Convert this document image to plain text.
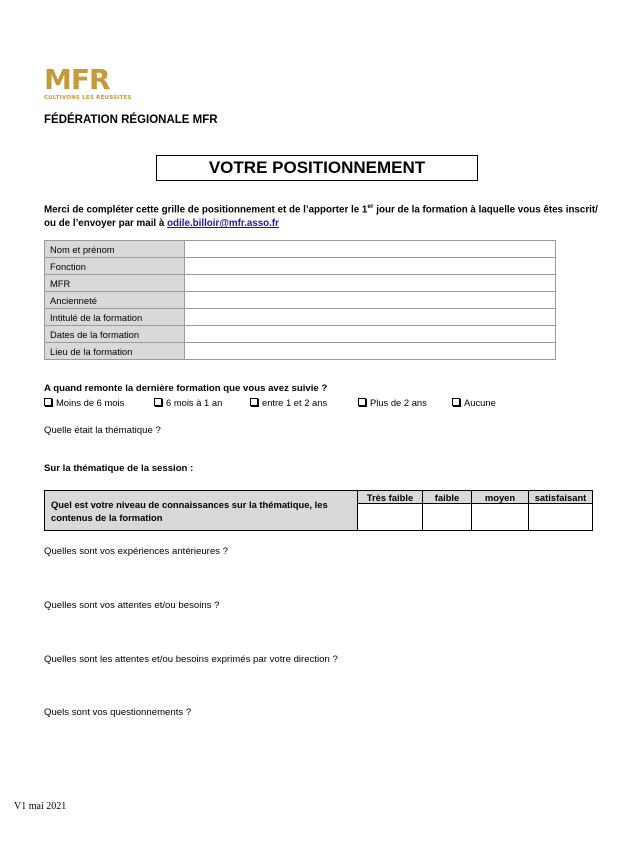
MFR
CULTIVONS LES RÉUSSITES
FÉDÉRATION RÉGIONALE MFR
VOTRE POSITIONNEMENT
Merci de compléter cette grille de positionnement et de l’apporter le 1er jour de la formation à laquelle vous êtes inscrit/
ou de l’envoyer par mail à odile.billoir@mfr.asso.fr
Nom et prénom	
Fonction	
MFR	
Ancienneté	
Intitulé de la formation	
Dates de la formation	
Lieu de la formation	
A quand remonte la dernière formation que vous avez suivie ?
Moins de 6 mois	6 mois à 1 an	entre 1 et 2 ans	Plus de 2 ans	Aucune
Quelle était la thématique ?
Sur la thématique de la session :
Quel est votre niveau de connaissances sur la thématique, les contenus de la formation	Très faible	faible	moyen	satisfaisant

Quelles sont vos expériences antérieures ?
Quelles sont vos attentes et/ou besoins ?
Quelles sont les attentes et/ou besoins exprimés par votre direction ?
Quels sont vos questionnements ?
V1 mai 2021
